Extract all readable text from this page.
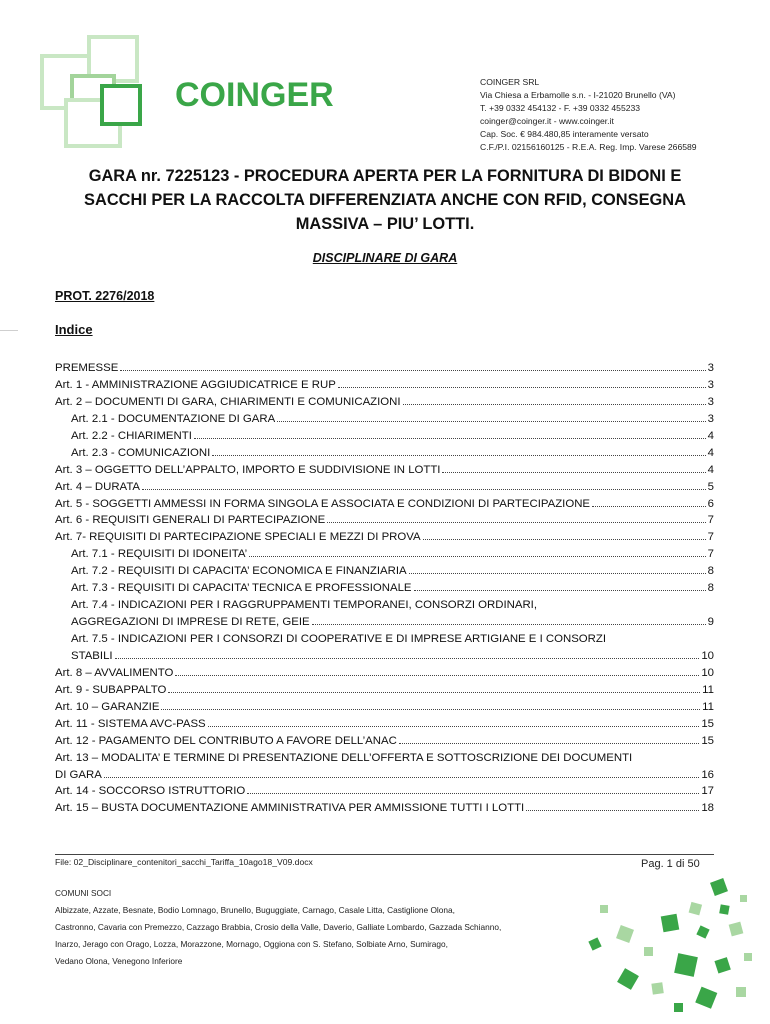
COINGER	COINGER SRL
Via Chiesa a Erbamolle s.n. - I-21020 Brunello (VA)
T. +39 0332 454132 - F. +39 0332 455233
coinger@coinger.it - www.coinger.it
Cap. Soc. € 984.480,85 interamente versato
C.F./P.I. 02156160125 - R.E.A. Reg. Imp. Varese 266589
GARA nr. 7225123 - PROCEDURA APERTA PER LA FORNITURA DI BIDONI E
SACCHI PER LA RACCOLTA DIFFERENZIATA ANCHE CON RFID, CONSEGNA
MASSIVA – PIU’ LOTTI.
DISCIPLINARE DI GARA
PROT. 2276/2018
Indice
PREMESSE	3
Art. 1 - AMMINISTRAZIONE AGGIUDICATRICE E RUP	3
Art. 2 – DOCUMENTI DI GARA, CHIARIMENTI E COMUNICAZIONI	3
Art. 2.1 - DOCUMENTAZIONE DI GARA	3
Art. 2.2 - CHIARIMENTI	4
Art. 2.3 - COMUNICAZIONI	4
Art. 3 – OGGETTO DELL’APPALTO, IMPORTO E SUDDIVISIONE IN LOTTI	4
Art. 4 – DURATA	5
Art. 5 - SOGGETTI AMMESSI IN FORMA SINGOLA E ASSOCIATA E CONDIZIONI DI PARTECIPAZIONE	6
Art. 6 - REQUISITI GENERALI DI PARTECIPAZIONE	7
Art. 7- REQUISITI DI PARTECIPAZIONE SPECIALI E MEZZI DI PROVA	7
Art. 7.1 - REQUISITI DI IDONEITA’	7
Art. 7.2 - REQUISITI DI CAPACITA’ ECONOMICA E FINANZIARIA	8
Art. 7.3 - REQUISITI DI CAPACITA’ TECNICA E PROFESSIONALE	8
Art. 7.4 - INDICAZIONI PER I RAGGRUPPAMENTI TEMPORANEI, CONSORZI ORDINARI,
AGGREGAZIONI DI IMPRESE DI RETE, GEIE	9
Art. 7.5 - INDICAZIONI PER I CONSORZI DI COOPERATIVE E DI IMPRESE ARTIGIANE E I CONSORZI
STABILI	10
Art. 8 – AVVALIMENTO	10
Art. 9 - SUBAPPALTO	11
Art. 10 – GARANZIE	11
Art. 11 - SISTEMA AVC-PASS	15
Art. 12 - PAGAMENTO DEL CONTRIBUTO A FAVORE DELL’ANAC	15
Art. 13 – MODALITA’ E TERMINE DI PRESENTAZIONE DELL’OFFERTA E SOTTOSCRIZIONE DEI DOCUMENTI
DI GARA	16
Art. 14 - SOCCORSO ISTRUTTORIO	17
Art. 15 – BUSTA DOCUMENTAZIONE AMMINISTRATIVA PER AMMISSIONE TUTTI I LOTTI	18
File: 02_Disciplinare_contenitori_sacchi_Tariffa_10ago18_V09.docx	Pag. 1 di 50
COMUNI SOCI
Albizzate, Azzate, Besnate, Bodio Lomnago, Brunello, Buguggiate, Carnago, Casale Litta, Castiglione Olona,
Castronno, Cavaria con Premezzo, Cazzago Brabbia, Crosio della Valle, Daverio, Galliate Lombardo, Gazzada Schianno,
Inarzo, Jerago con Orago, Lozza, Morazzone, Mornago, Oggiona con S. Stefano, Solbiate Arno, Sumirago,
Vedano Olona, Venegono Inferiore
